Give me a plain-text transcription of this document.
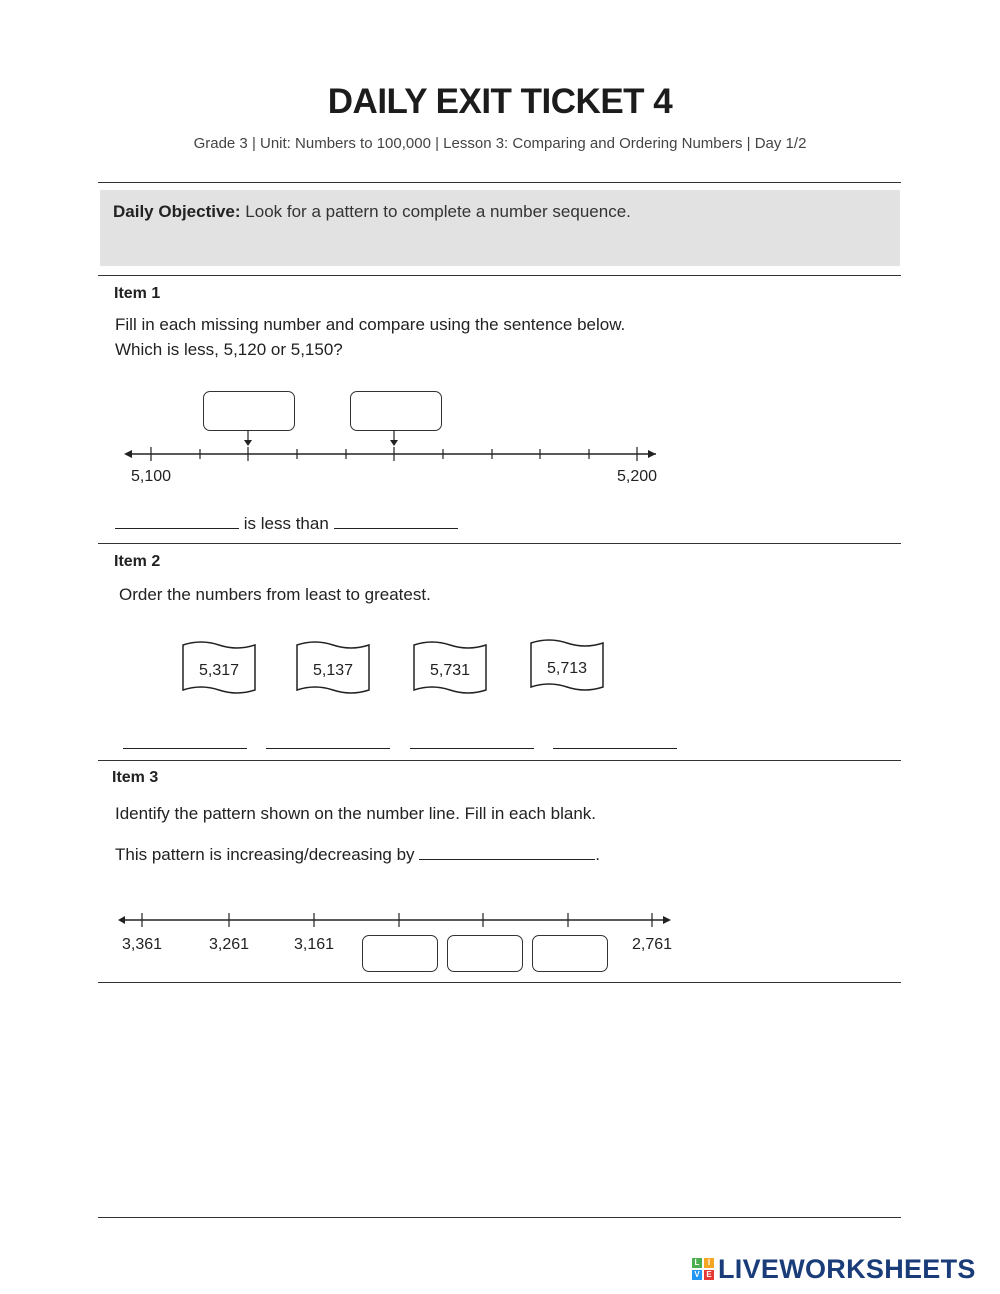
DAILY EXIT TICKET 4
Grade 3 | Unit: Numbers to 100,000 | Lesson 3: Comparing and Ordering Numbers | Day 1/2
Daily Objective: Look for a pattern to complete a number sequence.
Item 1
Fill in each missing number and compare using the sentence below.
Which is less, 5,120 or 5,150?
5,100	5,200
is less than
Item 2
Order the numbers from least to greatest.
5,317	5,137	5,731	5,713

Item 3
Identify the pattern shown on the number line. Fill in each blank.
This pattern is increasing/decreasing by	.
3,361	3,261	3,161	2,761
L	I
V E LIVEWORKSHEETS
